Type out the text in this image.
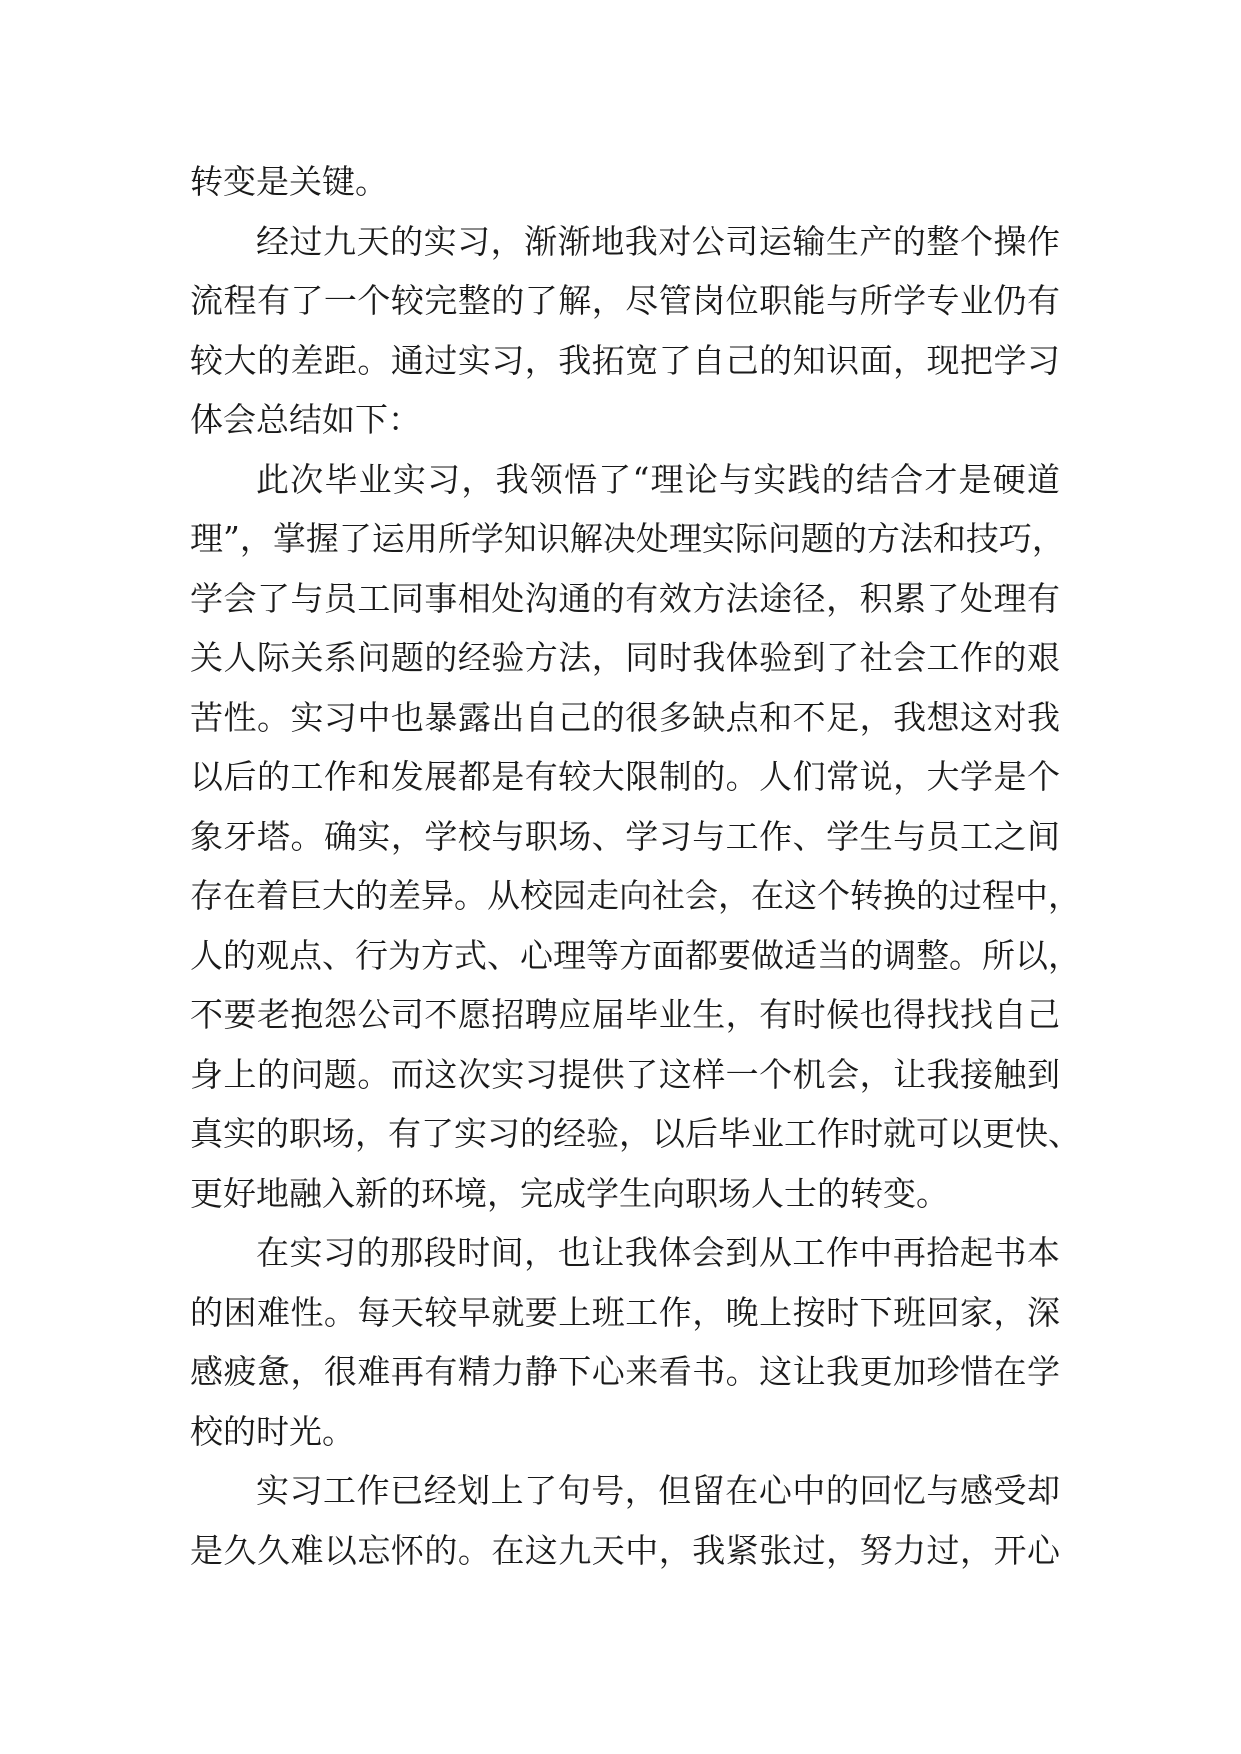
转变是关键。
经过九天的实习，渐渐地我对公司运输生产的整个操作
流程有了一个较完整的了解，尽管岗位职能与所学专业仍有
较大的差距。通过实习，我拓宽了自己的知识面，现把学习
体会总结如下：
此次毕业实习，我领悟了“理论与实践的结合才是硬道
理”，掌握了运用所学知识解决处理实际问题的方法和技巧，
学会了与员工同事相处沟通的有效方法途径，积累了处理有
关人际关系问题的经验方法，同时我体验到了社会工作的艰
苦性。实习中也暴露出自己的很多缺点和不足，我想这对我
以后的工作和发展都是有较大限制的。人们常说，大学是个
象牙塔。确实，学校与职场、学习与工作、学生与员工之间
存在着巨大的差异。从校园走向社会，在这个转换的过程中，
人的观点、行为方式、心理等方面都要做适当的调整。所以，
不要老抱怨公司不愿招聘应届毕业生，有时候也得找找自己
身上的问题。而这次实习提供了这样一个机会，让我接触到
真实的职场，有了实习的经验，以后毕业工作时就可以更快、
更好地融入新的环境，完成学生向职场人士的转变。
在实习的那段时间，也让我体会到从工作中再拾起书本
的困难性。每天较早就要上班工作，晚上按时下班回家，深
感疲惫，很难再有精力静下心来看书。这让我更加珍惜在学
校的时光。
实习工作已经划上了句号，但留在心中的回忆与感受却
是久久难以忘怀的。在这九天中，我紧张过，努力过，开心
